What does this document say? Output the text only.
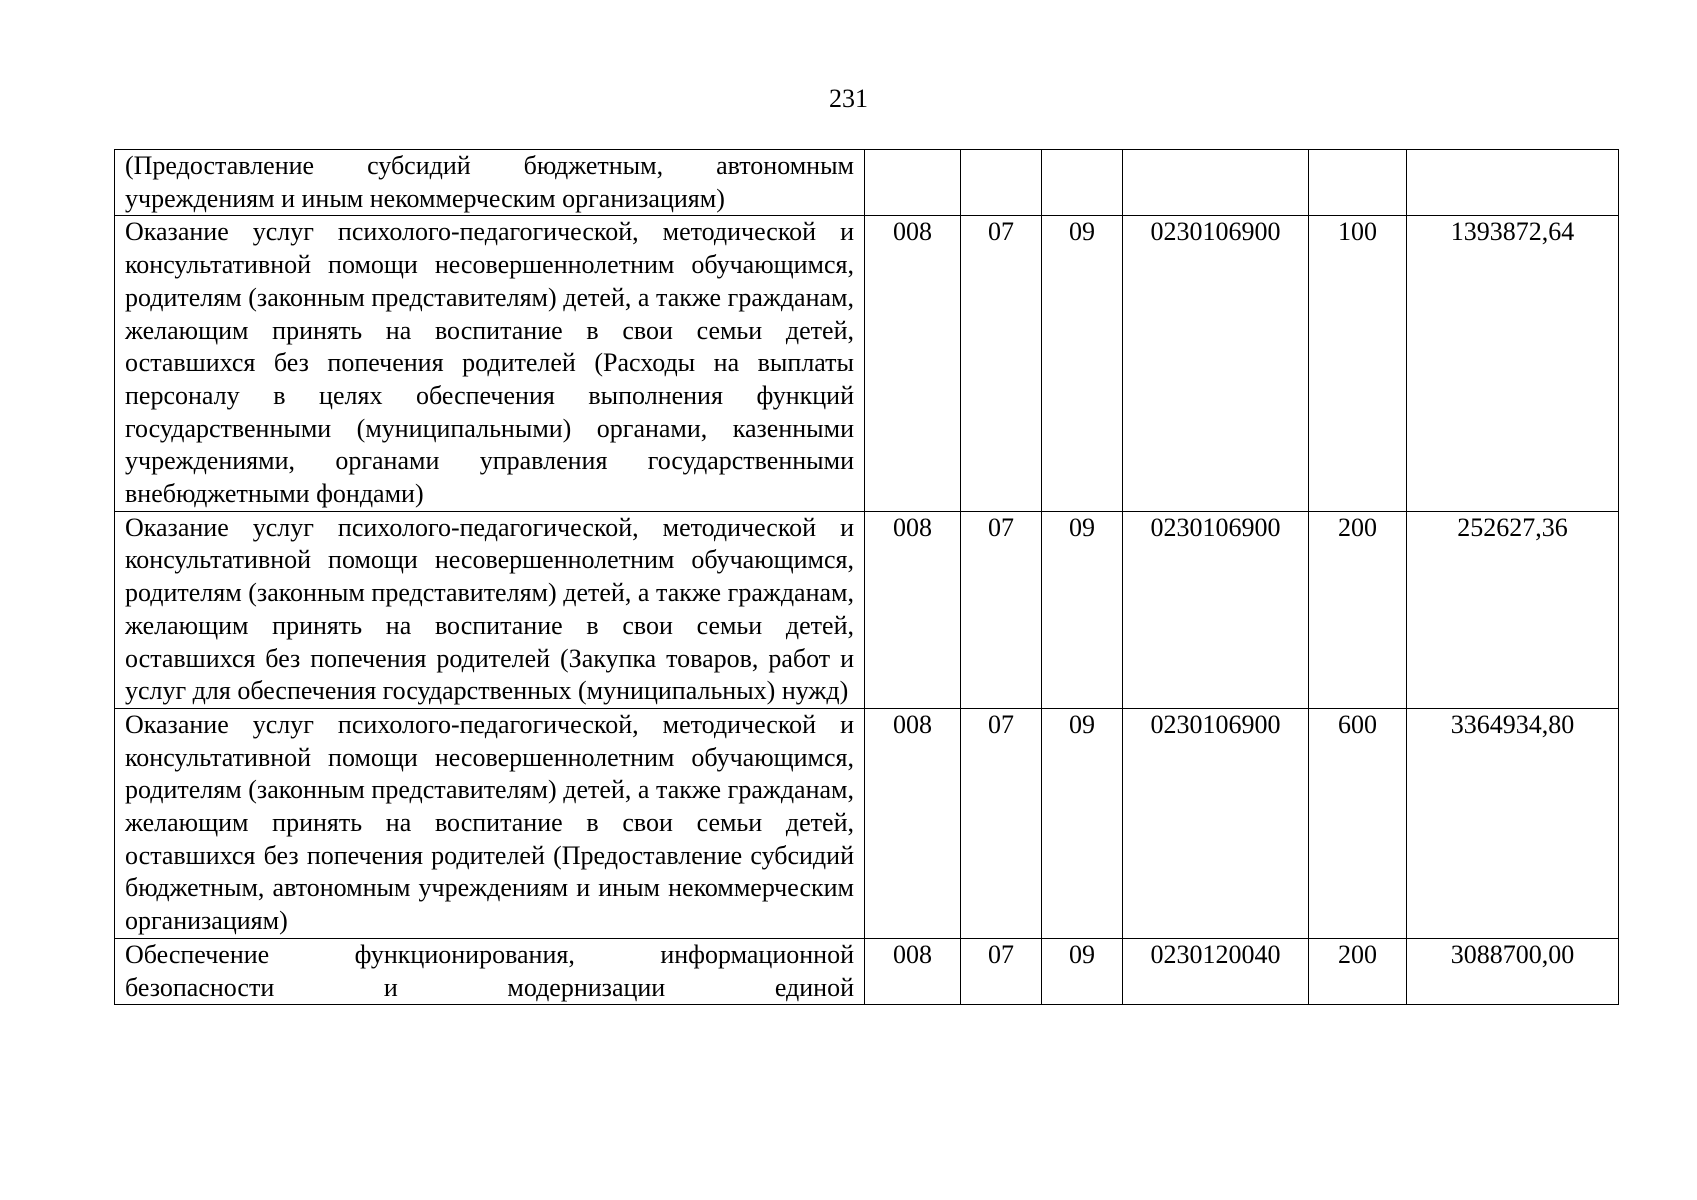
231
(Предоставление субсидий бюджетным, автономным
учреждениям и иным некоммерческим организациям)						

Оказание услуг психолого-педагогической, методической и консультативной помощи несовершеннолетним обучающимся, родителям (законным представителям) детей, а также гражданам, желающим принять на воспитание в свои семьи детей, оставшихся без попечения родителей (Расходы на выплаты персоналу в целях обеспечения выполнения функций государственными (муниципальными) органами, казенными учреждениями, органами управления государственными внебюджетными фондами)	008	07	09	0230106900	100	1393872,64
Оказание услуг психолого-педагогической, методической и консультативной помощи несовершеннолетним обучающимся, родителям (законным представителям) детей, а также гражданам, желающим принять на воспитание в свои семьи детей, оставшихся без попечения родителей (Закупка товаров, работ и услуг для обеспечения государственных (муниципальных) нужд)	008	07	09	0230106900	200	252627,36
Оказание услуг психолого-педагогической, методической и консультативной помощи несовершеннолетним обучающимся, родителям (законным представителям) детей, а также гражданам, желающим принять на воспитание в свои семьи детей, оставшихся без попечения родителей (Предоставление субсидий бюджетным, автономным учреждениям и иным некоммерческим организациям)	008	07	09	0230106900	600	3364934,80

Обеспечение функционирования, информационной
безопасности и модернизации единой	008	07	09	0230120040	200	3088700,00
